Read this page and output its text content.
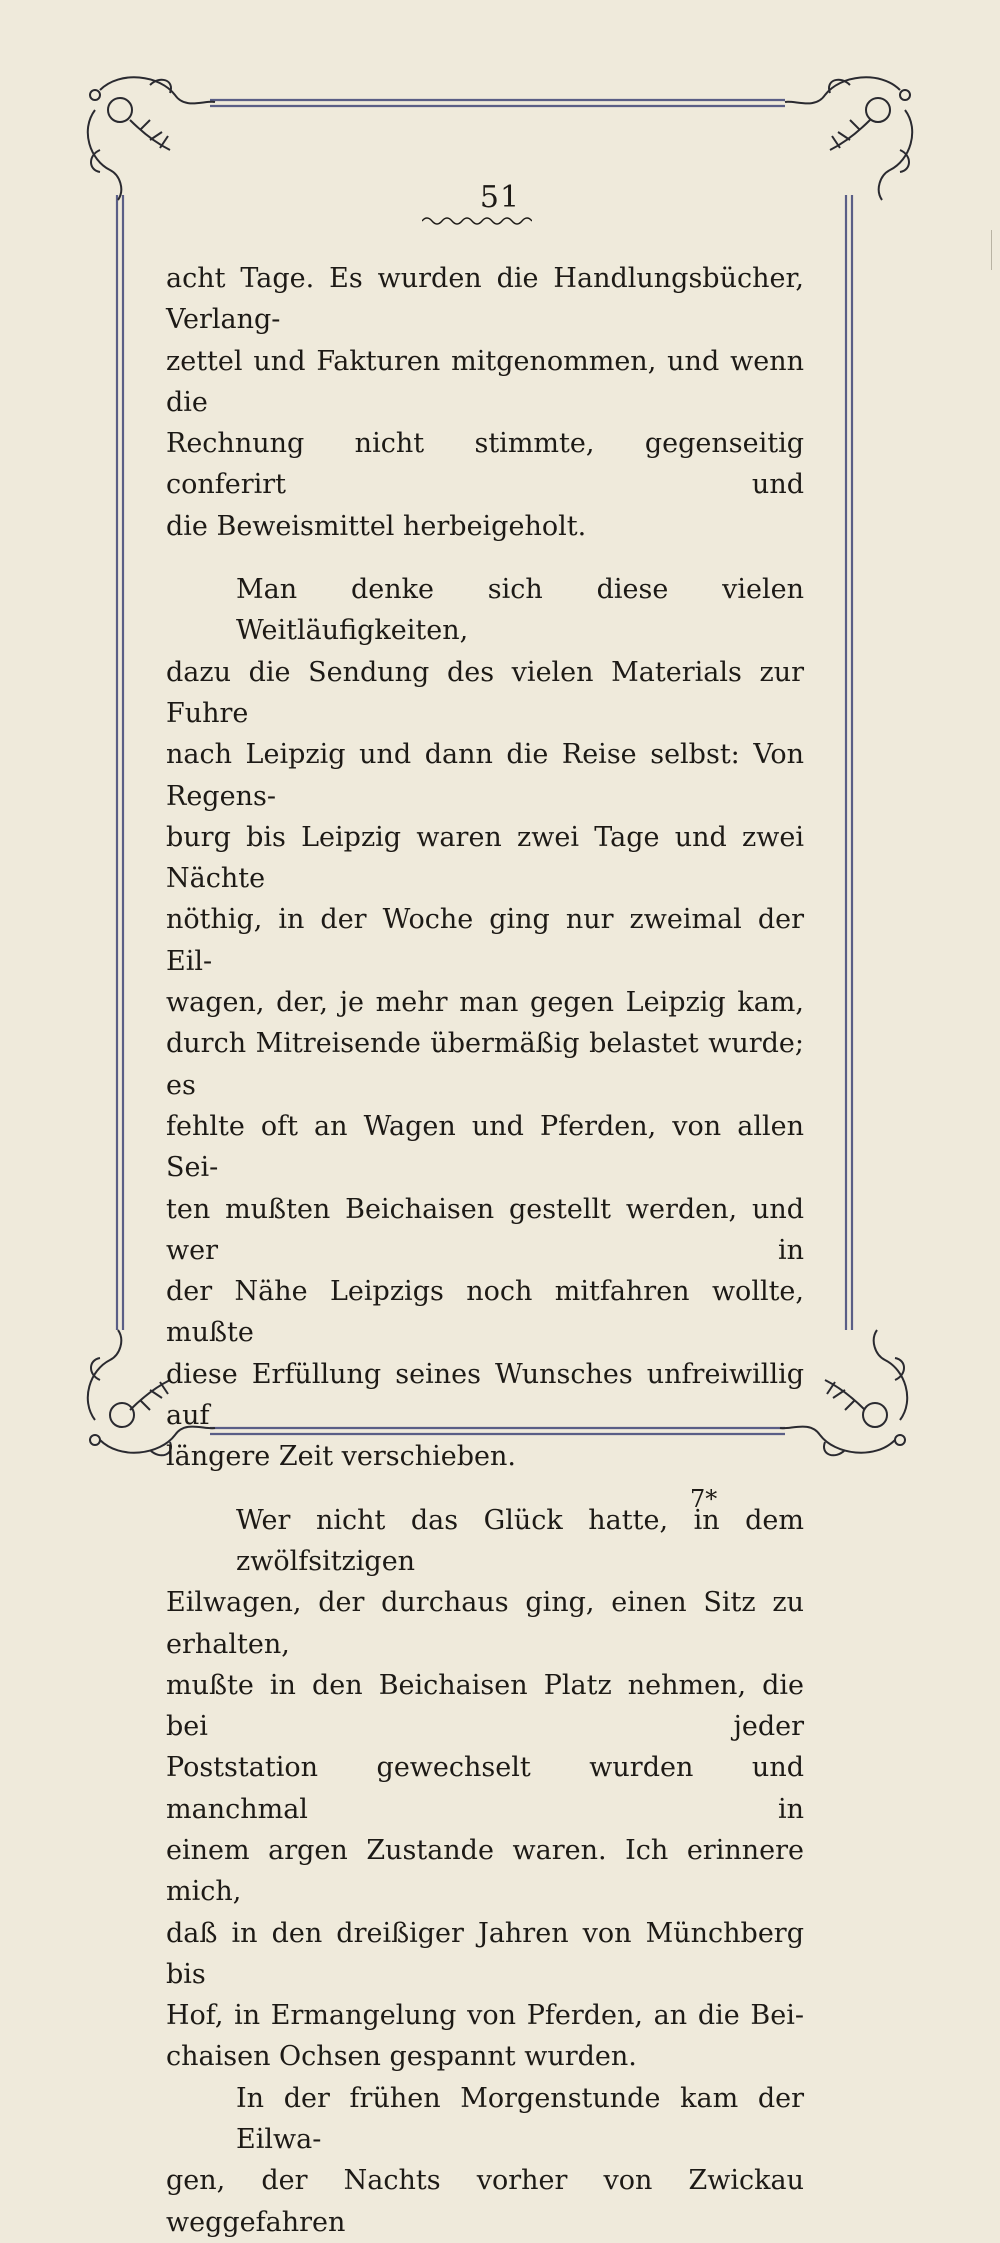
51

acht Tage. Es wurden die Handlungsbücher, Verlang-
zettel und Fakturen mitgenommen, und wenn die
Rechnung nicht stimmte, gegenseitig conferirt und
die Beweismittel herbeigeholt.

Man denke sich diese vielen Weitläufigkeiten,
dazu die Sendung des vielen Materials zur Fuhre
nach Leipzig und dann die Reise selbst: Von Regens-
burg bis Leipzig waren zwei Tage und zwei Nächte
nöthig, in der Woche ging nur zweimal der Eil-
wagen, der, je mehr man gegen Leipzig kam,
durch Mitreisende übermäßig belastet wurde; es
fehlte oft an Wagen und Pferden, von allen Sei-
ten mußten Beichaisen gestellt werden, und wer in
der Nähe Leipzigs noch mitfahren wollte, mußte
diese Erfüllung seines Wunsches unfreiwillig auf
längere Zeit verschieben.

Wer nicht das Glück hatte, in dem zwölfsitzigen
Eilwagen, der durchaus ging, einen Sitz zu erhalten,
mußte in den Beichaisen Platz nehmen, die bei jeder
Poststation gewechselt wurden und manchmal in
einem argen Zustande waren. Ich erinnere mich,
daß in den dreißiger Jahren von Münchberg bis
Hof, in Ermangelung von Pferden, an die Bei-
chaisen Ochsen gespannt wurden.

In der frühen Morgenstunde kam der Eilwa-
gen, der Nachts vorher von Zwickau weggefahren

7*
